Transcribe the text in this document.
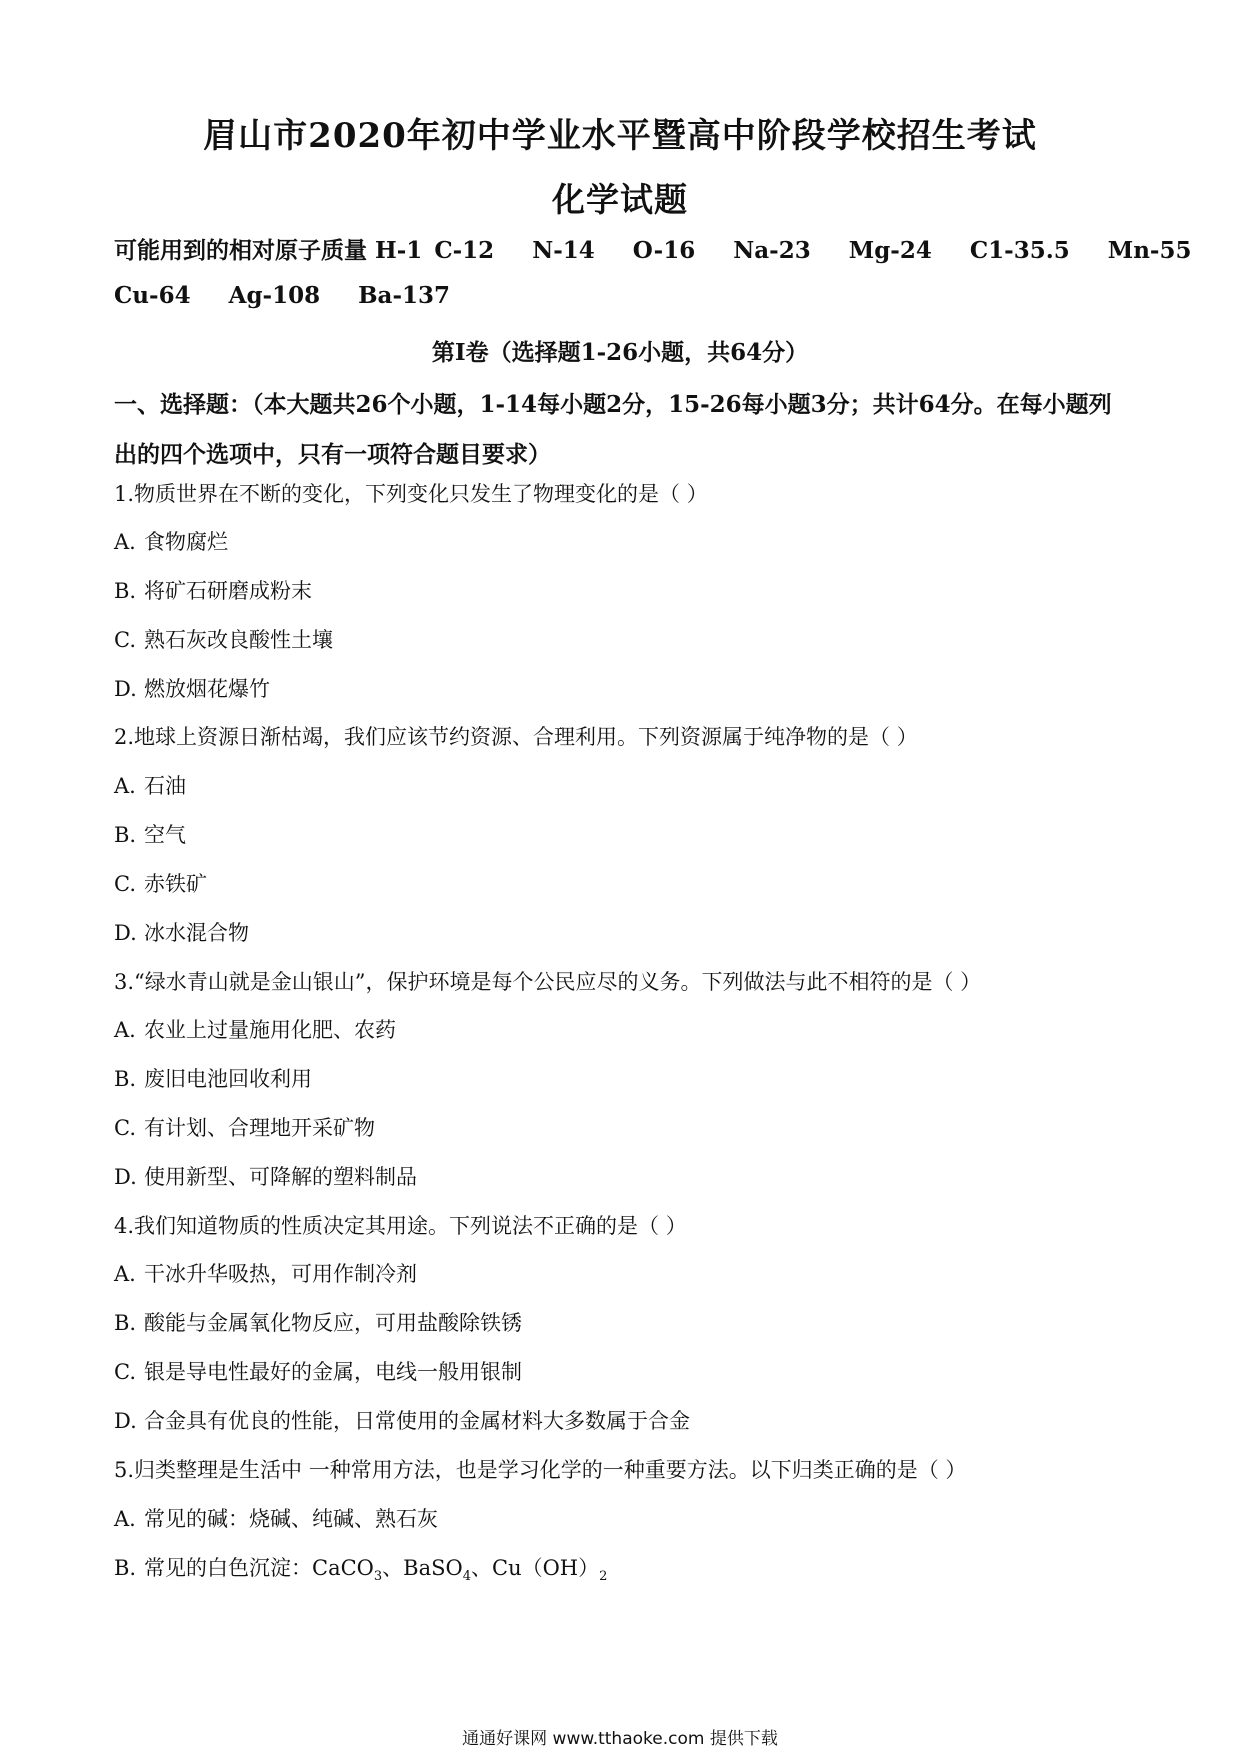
眉山市2020年初中学业水平暨高中阶段学校招生考试
化学试题
可能用到的相对原子质量 H-1 C-12 N-14 O-16 Na-23 Mg-24 C1-35.5 Mn-55
Cu-64 Ag-108 Ba-137
第Ⅰ卷（选择题1-26小题，共64分）
一、选择题：（本大题共26个小题，1-14每小题2分，15-26每小题3分；共计64分。在每小题列出的四个选项中，只有一项符合题目要求）
1.物质世界在不断的变化，下列变化只发生了物理变化的是（ ）
A. 食物腐烂
B. 将矿石研磨成粉末
C. 熟石灰改良酸性土壤
D. 燃放烟花爆竹
2.地球上资源日渐枯竭，我们应该节约资源、合理利用。下列资源属于纯净物的是（ ）
A. 石油
B. 空气
C. 赤铁矿
D. 冰水混合物
3.“绿水青山就是金山银山”，保护环境是每个公民应尽的义务。下列做法与此不相符的是（ ）
A. 农业上过量施用化肥、农药
B. 废旧电池回收利用
C. 有计划、合理地开采矿物
D. 使用新型、可降解的塑料制品
4.我们知道物质的性质决定其用途。下列说法不正确的是（ ）
A. 干冰升华吸热，可用作制冷剂
B. 酸能与金属氧化物反应，可用盐酸除铁锈
C. 银是导电性最好的金属，电线一般用银制
D. 合金具有优良的性能，日常使用的金属材料大多数属于合金
5.归类整理是生活中 一种常用方法，也是学习化学的一种重要方法。以下归类正确的是（ ）
A. 常见的碱：烧碱、纯碱、熟石灰
B. 常见的白色沉淀：CaCO$_3$、BaSO$_4$、$Cu(OH)_2$
通通好课网 www.tthaoke.com 提供下载
